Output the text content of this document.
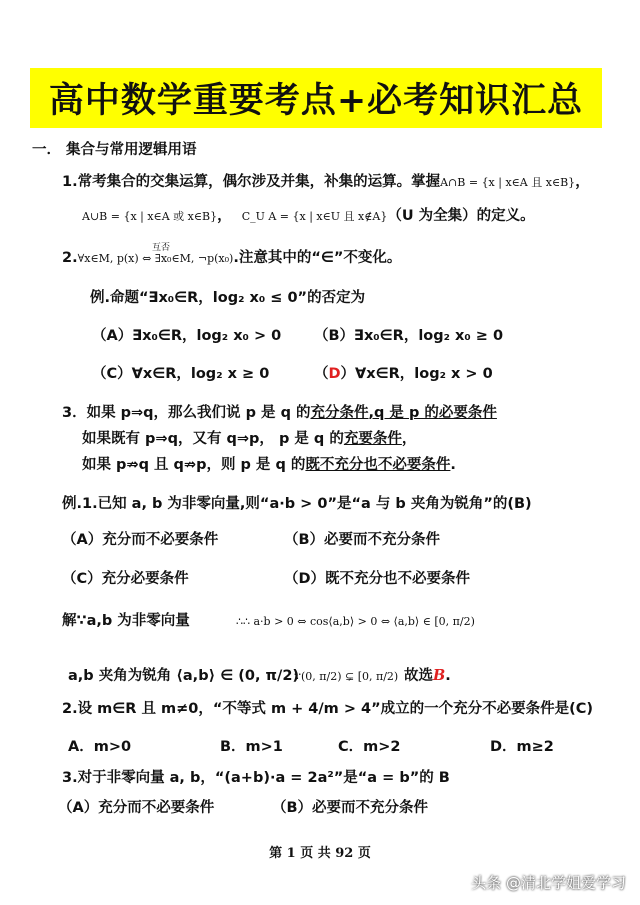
高中数学重要考点+必考知识汇总
一． 集合与常用逻辑用语
1.常考集合的交集运算，偶尔涉及并集，补集的运算。掌握A∩B = {x | x∈A 且 x∈B}，
A∪B = {x | x∈A 或 x∈B}，  C_U A = {x | x∈U 且 x∉A}（U 为全集）的定义。
互否
2.∀x∈M, p(x) ⇔ ∃x₀∈M, ¬p(x₀).注意其中的“∈”不变化。
例.命题“∃x₀∈R，log₂ x₀ ≤ 0”的否定为
（A）∃x₀∈R，log₂ x₀ > 0 （B）∃x₀∈R，log₂ x₀ ≥ 0
（C）∀x∈R，log₂ x ≥ 0	（D）∀x∈R，log₂ x > 0
3．如果 p⇒q，那么我们说 p 是 q 的充分条件,q 是 p 的必要条件
如果既有 p⇒q，又有 q⇒p， p 是 q 的充要条件，
如果 p⇏q 且 q⇏p，则 p 是 q 的既不充分也不必要条件.
例.1.已知 a, b 为非零向量,则“a·b > 0”是“a 与 b 夹角为锐角”的(B)
（A）充分而不必要条件	（B）必要而不充分条件
（C）充分必要条件	（D）既不充分也不必要条件
解∵a,b 为非零向量	∴∴ a·b > 0 ⇔ cos⟨a,b⟩ > 0 ⇔ ⟨a,b⟩ ∈ [0, π/2)
a,b 夹角为锐角 ⟨a,b⟩ ∈ (0, π/2)
∵(0, π/2) ⊊ [0, π/2) 故选B.
2.设 m∈R 且 m≠0，“不等式 m + 4/m > 4”成立的一个充分不必要条件是(C)
A．m>0	B．m>1	C．m>2	D．m≥2
3.对于非零向量 a, b，“(a+b)·a = 2a²”是“a = b”的 B
（A）充分而不必要条件	（B）必要而不充分条件
第 1 页 共 92 页
头条 @清北学姐爱学习
